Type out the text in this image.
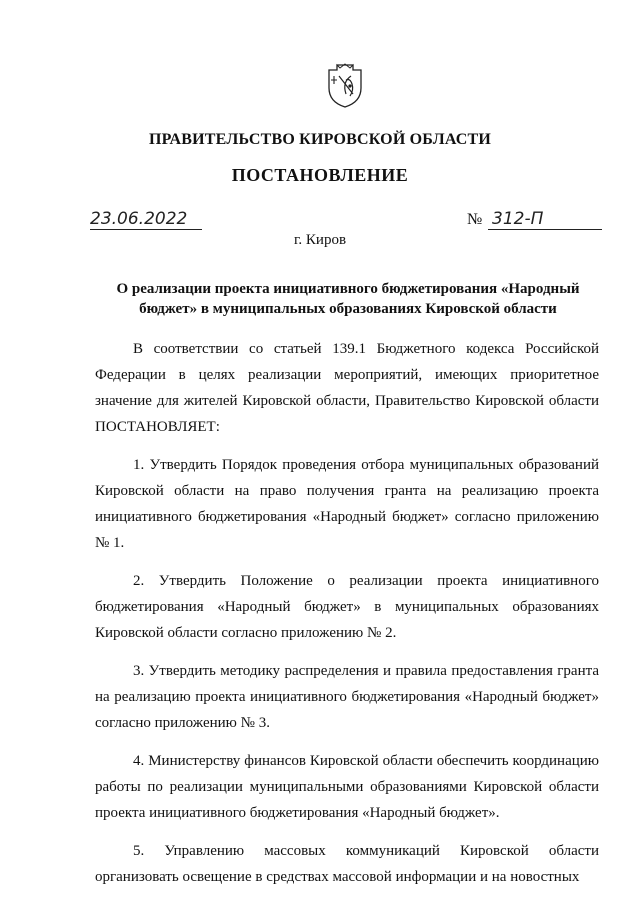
ПРАВИТЕЛЬСТВО КИРОВСКОЙ ОБЛАСТИ
ПОСТАНОВЛЕНИЕ
23.06.2022	№ 312-П
г. Киров
О реализации проекта инициативного бюджетирования «Народный бюджет» в муниципальных образованиях Кировской области

В соответствии со статьей 139.1 Бюджетного кодекса Российской Федерации в целях реализации мероприятий, имеющих приоритетное значение для жителей Кировской области, Правительство Кировской области ПОСТАНОВЛЯЕТ:

1. Утвердить Порядок проведения отбора муниципальных образований Кировской области на право получения гранта на реализацию проекта инициативного бюджетирования «Народный бюджет» согласно приложению № 1.

2. Утвердить Положение о реализации проекта инициативного бюджетирования «Народный бюджет» в муниципальных образованиях Кировской области согласно приложению № 2.

3. Утвердить методику распределения и правила предоставления гранта на реализацию проекта инициативного бюджетирования «Народный бюджет» согласно приложению № 3.

4. Министерству финансов Кировской области обеспечить координацию работы по реализации муниципальными образованиями Кировской области проекта инициативного бюджетирования «Народный бюджет».

5. Управлению массовых коммуникаций Кировской области организовать освещение в средствах массовой информации и на новостных
